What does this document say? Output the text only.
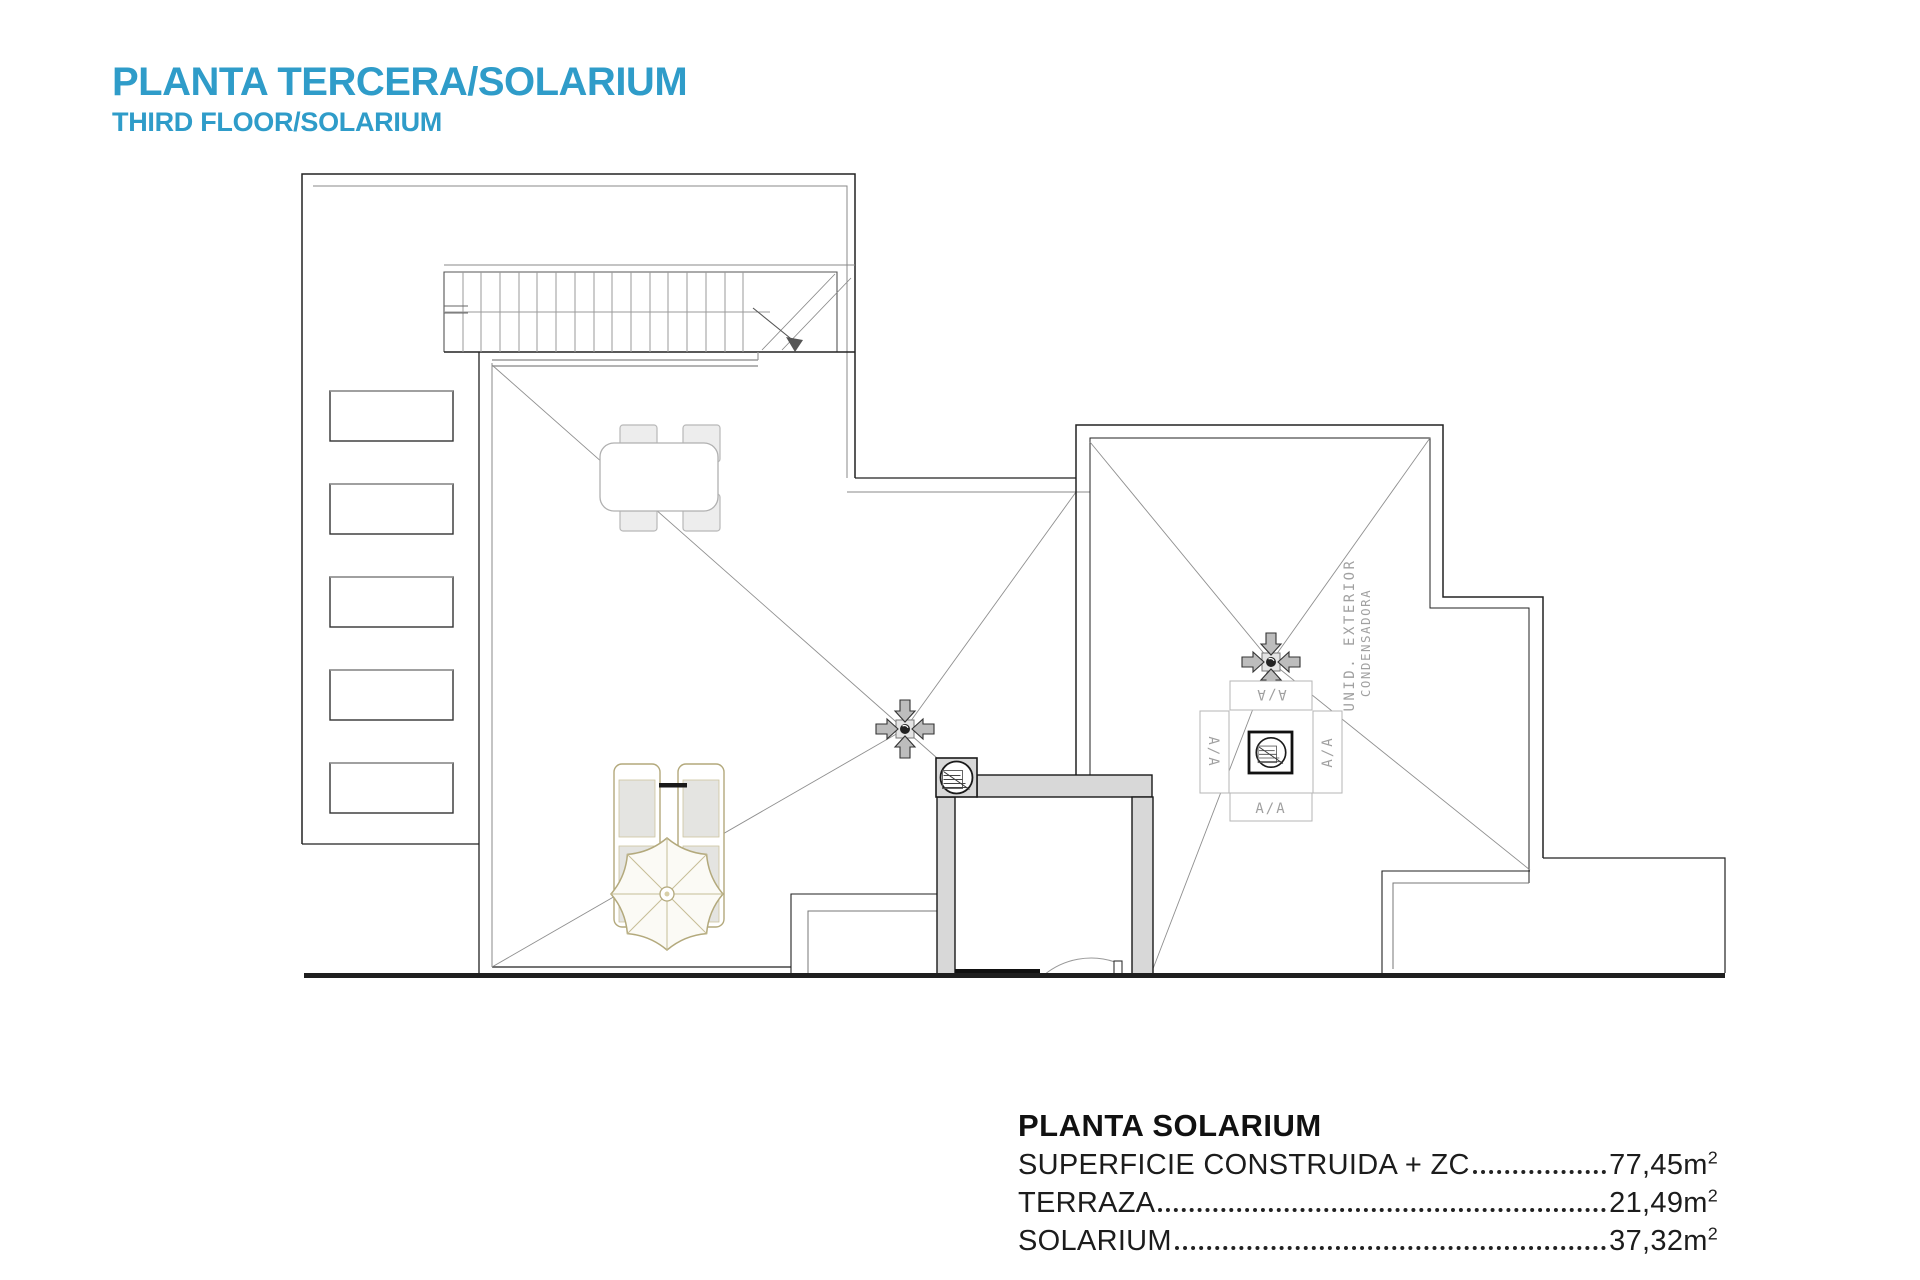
PLANTA TERCERA/SOLARIUM
THIRD FLOOR/SOLARIUM
A/A
A/A	A/A
A/A
UNID. EXTERIOR CONDENSADORA
PLANTA SOLARIUM
SUPERFICIE CONSTRUIDA + ZC	$77,45m^2$
TERRAZA	$21,49m^2$
SOLARIUM	$37,32m^2$
